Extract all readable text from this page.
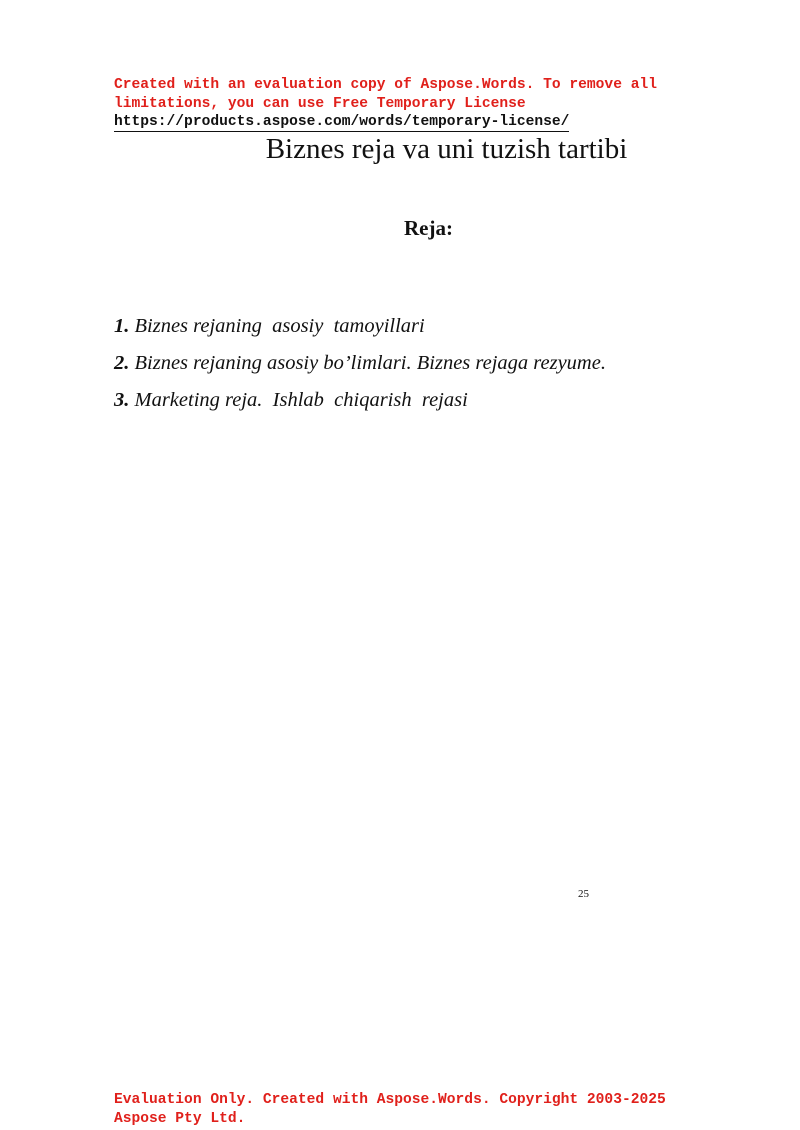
Created with an evaluation copy of Aspose.Words. To remove all
limitations, you can use Free Temporary License
https://products.aspose.com/words/temporary-license/
Biznes reja va uni tuzish tartibi
Reja:
1. Biznes rejaning  asosiy  tamoyillari
2. Biznes rejaning asosiy bo’limlari. Biznes rejaga rezyume.
3. Marketing reja.  Ishlab  chiqarish  rejasi
25
Evaluation Only. Created with Aspose.Words. Copyright 2003-2025
Aspose Pty Ltd.
